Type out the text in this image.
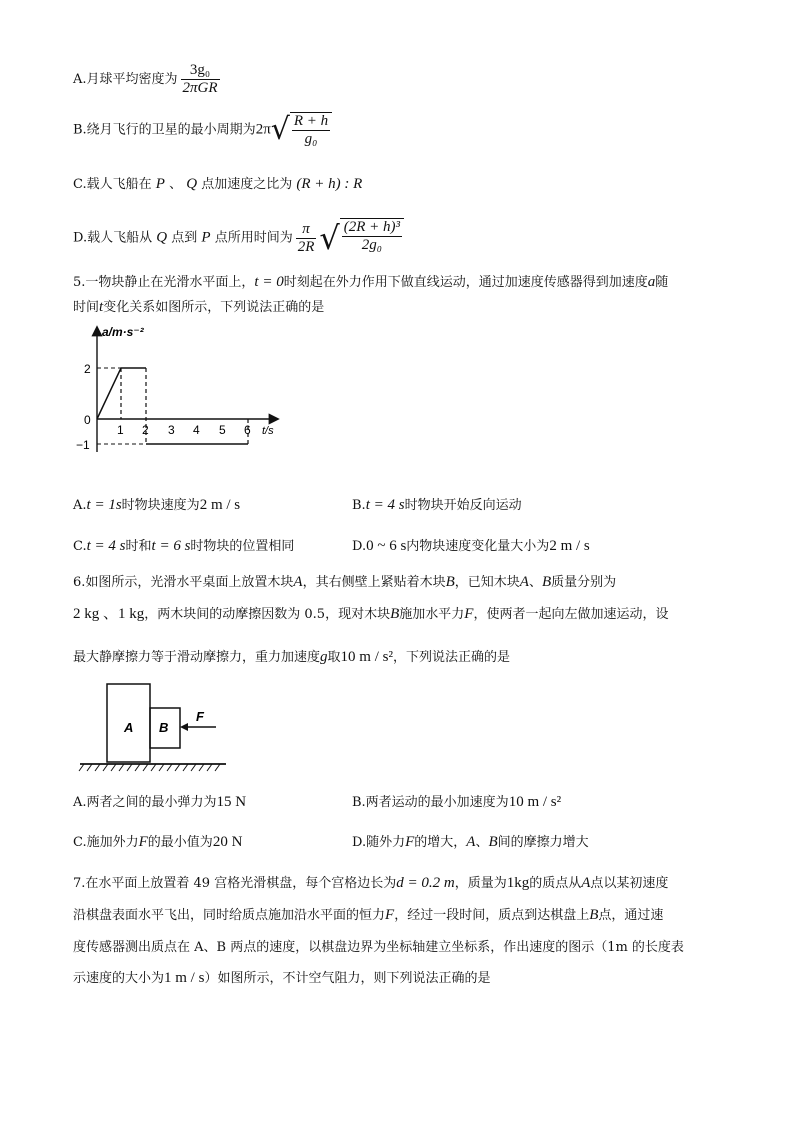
A.月球平均密度为 $\frac{\text{3g₀}}{\text{2πGR}}$
B.绕月飞行的卫星的最小周期为2π √ $\frac{R + h}{\text{g₀}}$
C.载人飞船在 P 、 Q 点加速度之比为 (R + h) : R
D.载人飞船从 Q 点到 P 点所用时间为 $\frac{\pi}{2R}$ √ $\frac{\text{(2R + h)³}}{\text{2g₀}}$
5.一物块静止在光滑水平面上，t = 0时刻起在外力作用下做直线运动，通过加速度传感器得到加速度a随
时间t变化关系如图所示，下列说法正确的是
a/m·s⁻²
2
0
−1
1 2 3 4 5 6 t/s
A.t = 1s时物块速度为2 m / s	B.t = 4 s时物块开始反向运动
C.t = 4 s时和t = 6 s时物块的位置相同	D.0 ~ 6 s内物块速度变化量大小为2 m / s
6.如图所示，光滑水平桌面上放置木块A，其右侧壁上紧贴着木块B，已知木块A、B质量分别为
2 kg 、1 kg，两木块间的动摩擦因数为 0.5，现对木块B施加水平力F，使两者一起向左做加速运动，设
最大静摩擦力等于滑动摩擦力，重力加速度g取10 m / s²，下列说法正确的是
A B
F
A.两者之间的最小弹力为15 N	B.两者运动的最小加速度为10 m / s²
C.施加外力F的最小值为20 N	D.随外力F的增大，A、B间的摩擦力增大
7.在水平面上放置着 49 宫格光滑棋盘，每个宫格边长为d = 0.2 m，质量为1kg的质点从A点以某初速度
沿棋盘表面水平飞出，同时给质点施加沿水平面的恒力F，经过一段时间，质点到达棋盘上B点，通过速
度传感器测出质点在 A、B 两点的速度，以棋盘边界为坐标轴建立坐标系，作出速度的图示（1m 的长度表
示速度的大小为1 m / s）如图所示，不计空气阻力，则下列说法正确的是
